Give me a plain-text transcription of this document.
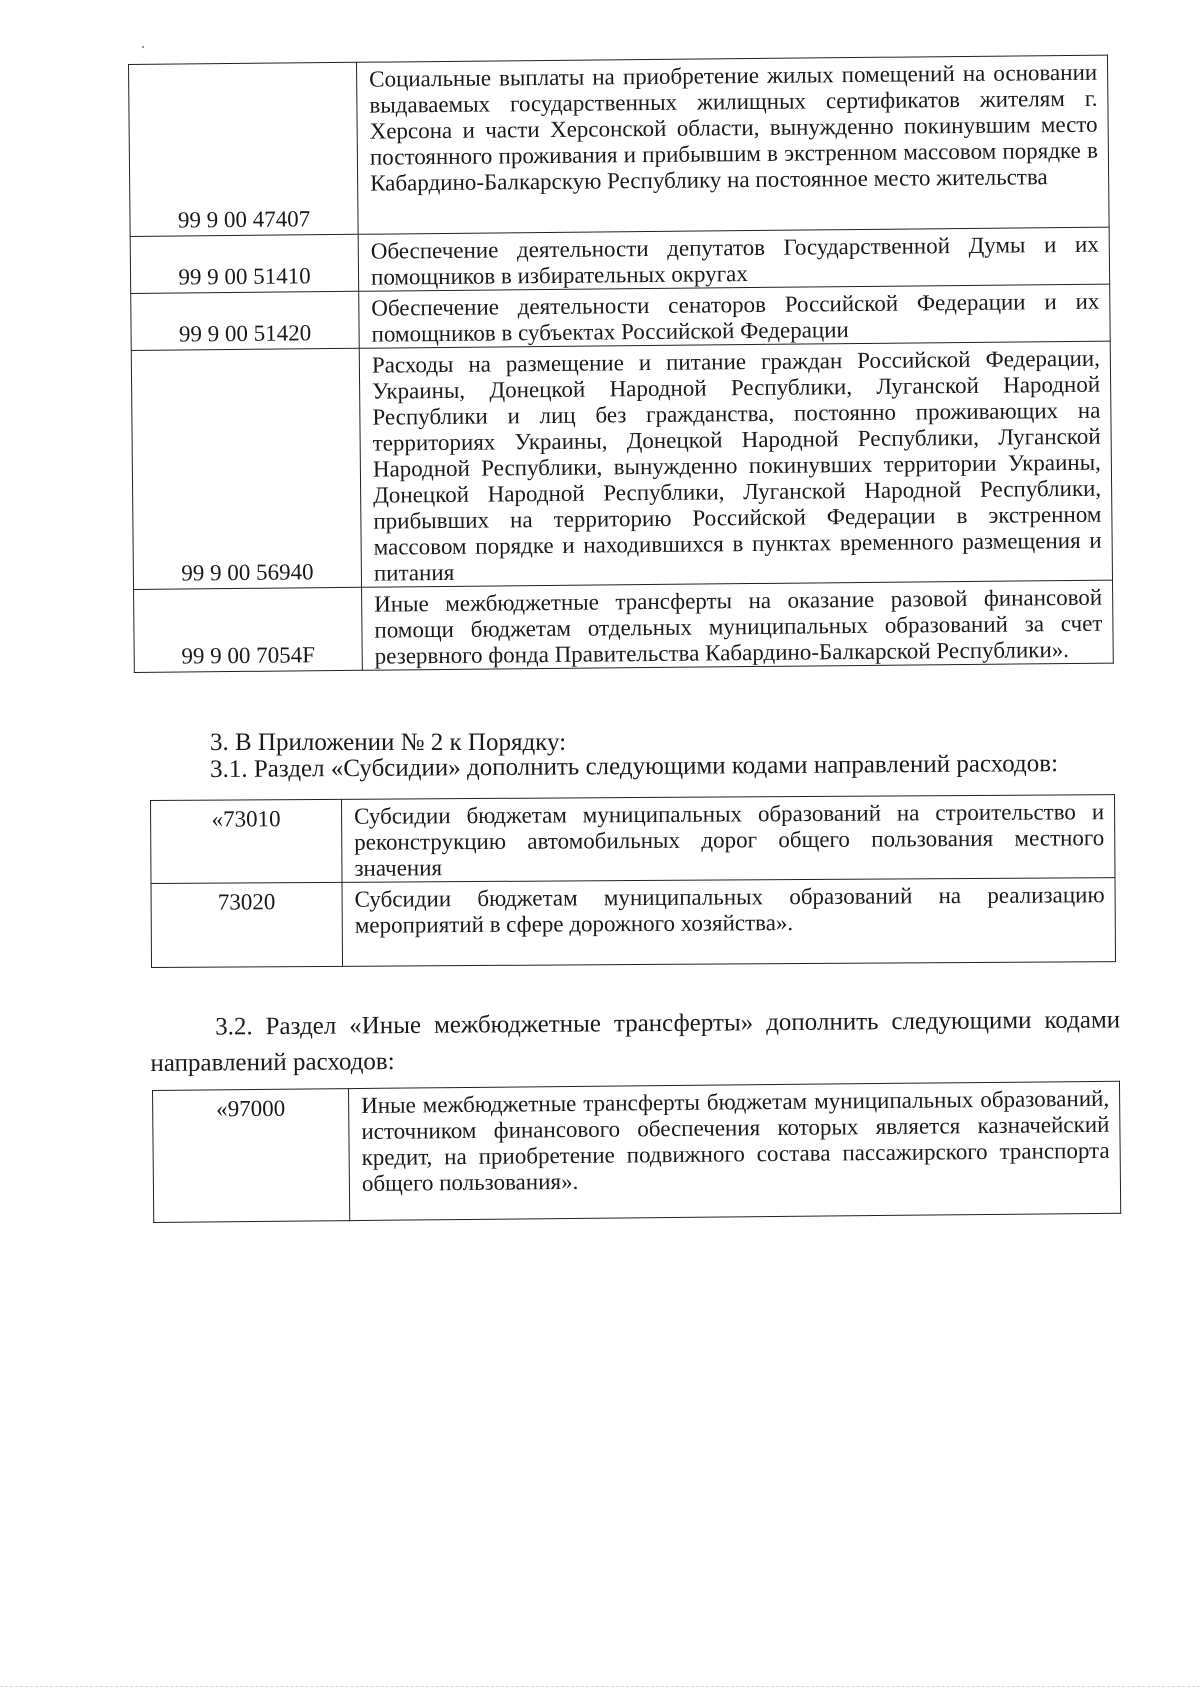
99 9 00 47407	Социальные выплаты на приобретение жилых помещений на основании выдаваемых государственных жилищных сертификатов жителям г. Херсона и части Херсонской области, вынужденно покинувшим место постоянного проживания и прибывшим в экстренном массовом порядке в Кабардино-Балкарскую Республику на постоянное место жительства
99 9 00 51410	Обеспечение деятельности депутатов Государственной Думы и их помощников в избирательных округах
99 9 00 51420	Обеспечение деятельности сенаторов Российской Федерации и их помощников в субъектах Российской Федерации
99 9 00 56940	Расходы на размещение и питание граждан Российской Федерации, Украины, Донецкой Народной Республики, Луганской Народной Республики и лиц без гражданства, постоянно проживающих на территориях Украины, Донецкой Народной Республики, Луганской Народной Республики, вынужденно покинувших территории Украины, Донецкой Народной Республики, Луганской Народной Республики, прибывших на территорию Российской Федерации в экстренном массовом порядке и находившихся в пунктах временного размещения и питания
99 9 00 7054F	Иные межбюджетные трансферты на оказание разовой финансовой помощи бюджетам отдельных муниципальных образований за счет резервного фонда Правительства Кабардино-Балкарской Республики».

3. В Приложении № 2 к Порядку:

3.1. Раздел «Субсидии» дополнить следующими кодами направлений расходов:

«73010	Субсидии бюджетам муниципальных образований на строительство и реконструкцию автомобильных дорог общего пользования местного значения
73020	Субсидии бюджетам муниципальных образований на реализацию мероприятий в сфере дорожного хозяйства».

3.2. Раздел «Иные межбюджетные трансферты» дополнить следующими кодами направлений расходов:

«97000	Иные межбюджетные трансферты бюджетам муниципальных образований, источником финансового обеспечения которых является казначейский кредит, на приобретение подвижного состава пассажирского транспорта общего пользования».
